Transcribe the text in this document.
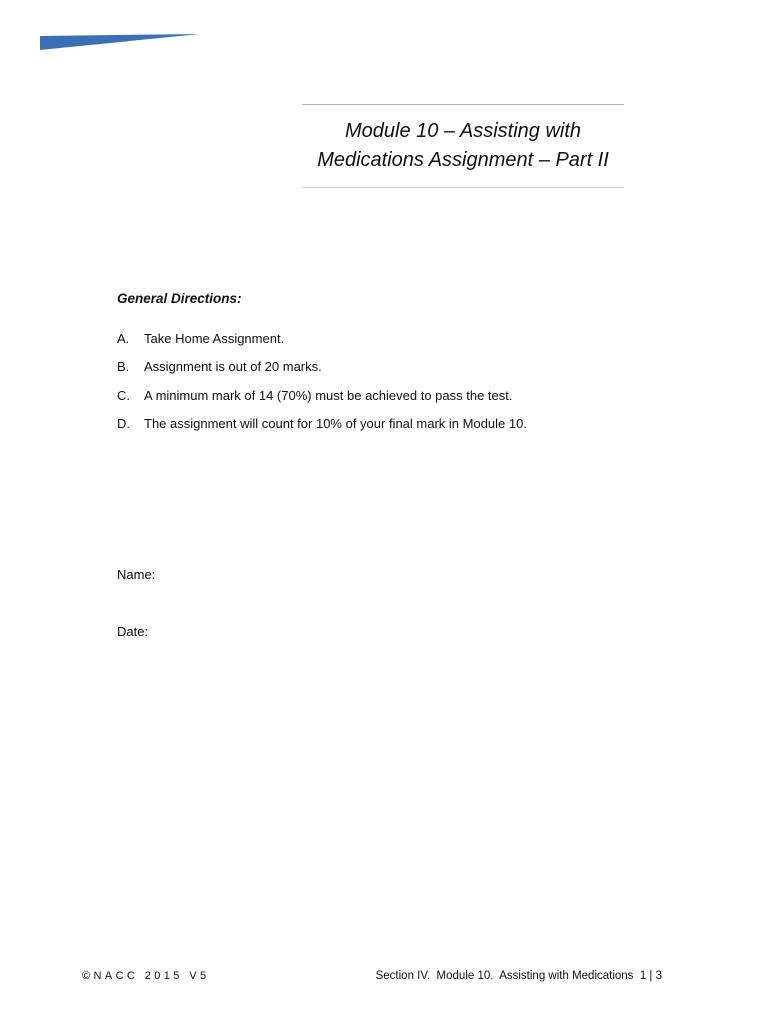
Module 10 – Assisting with
Medications Assignment – Part II
General Directions:
A.	Take Home Assignment.
B.	Assignment is out of 20 marks.
C.	A minimum mark of 14 (70%) must be achieved to pass the test.
D.	The assignment will count for 10% of your final mark in Module 10.
Name:
Date:
©NACC 2015 V5	Section IV.  Module 10.  Assisting with Medications  1 | 3
